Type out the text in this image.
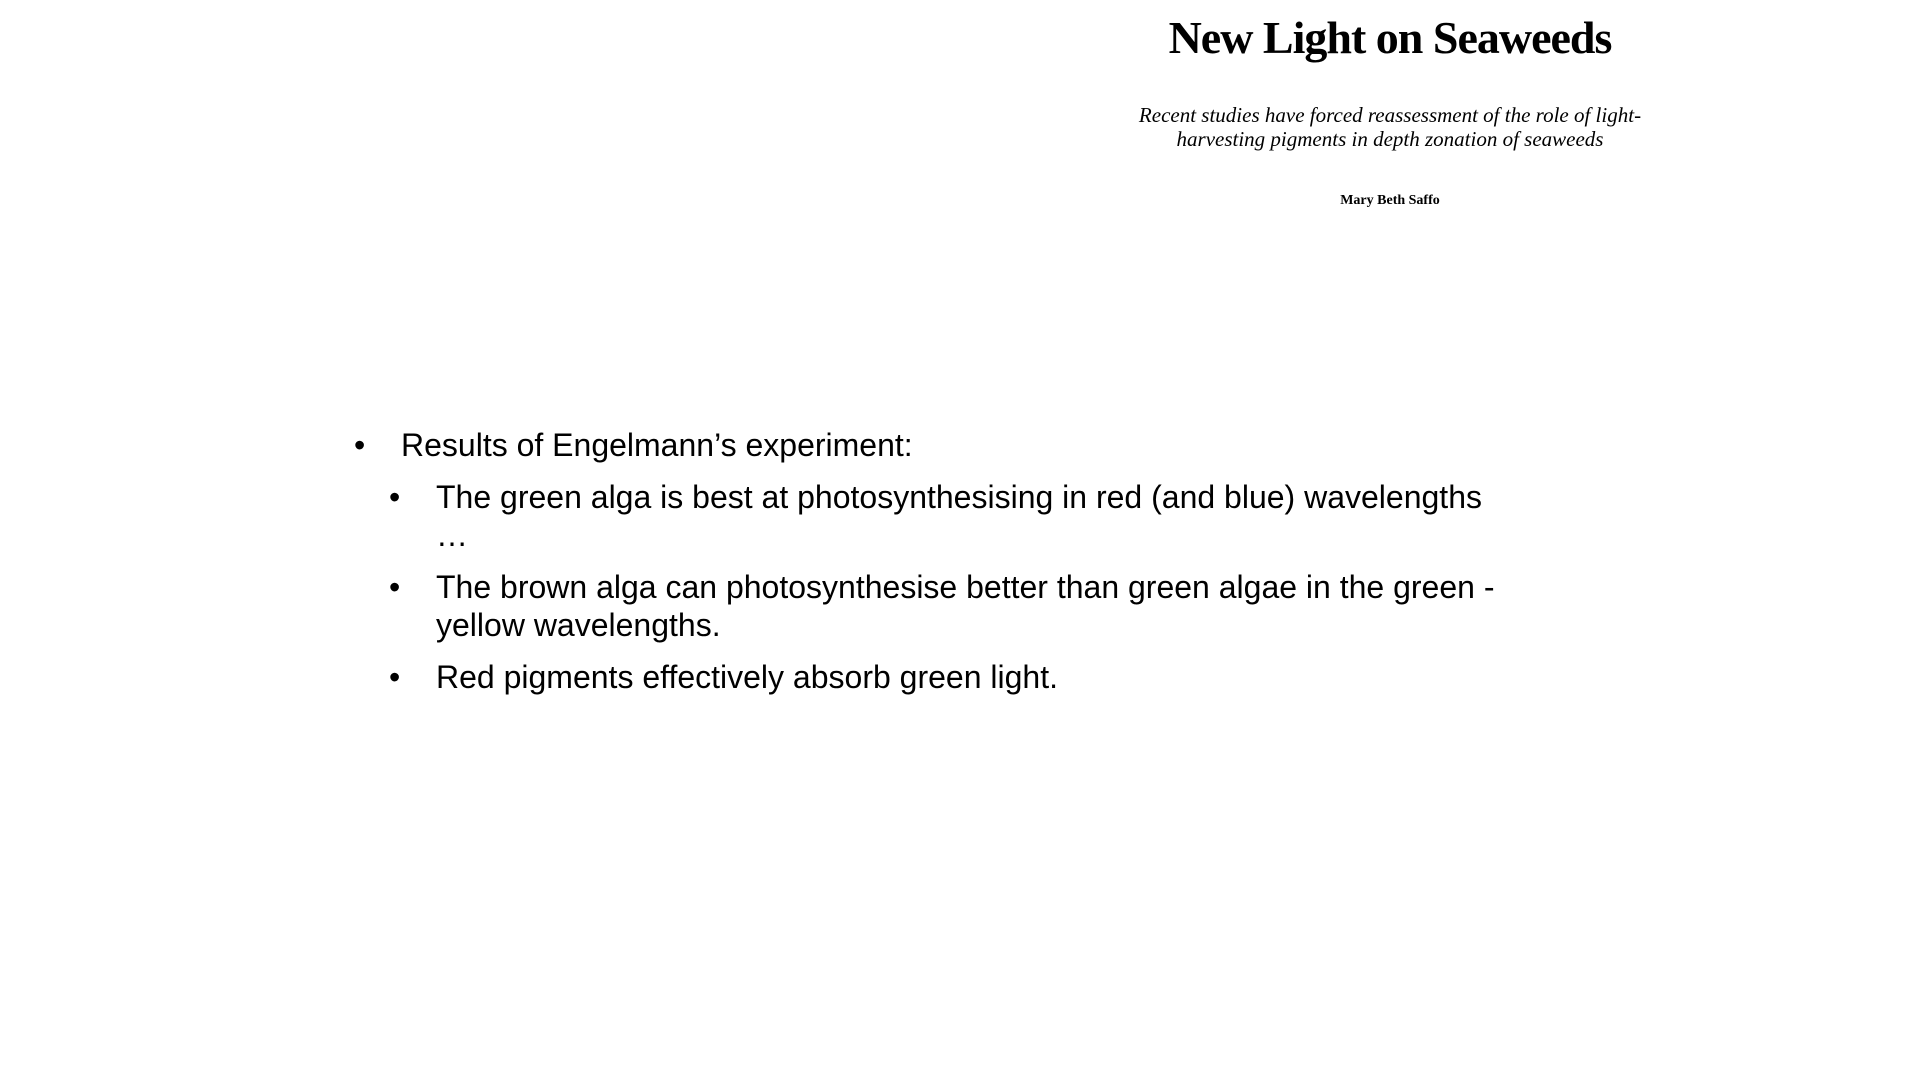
New Light on Seaweeds
Recent studies have forced reassessment of the role of light-
harvesting pigments in depth zonation of seaweeds
Mary Beth Saffo
• Results of Engelmann’s experiment:
• The green alga is best at photosynthesising in red (and blue) wavelengths …
• The brown alga can photosynthesise better than green algae in the green - yellow wavelengths.
• Red pigments effectively absorb green light.
